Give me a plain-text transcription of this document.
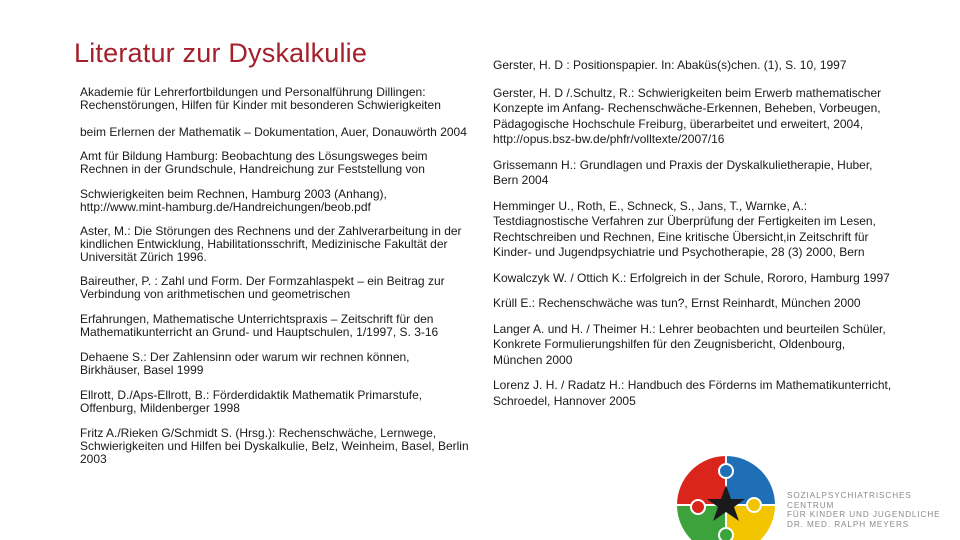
Literatur zur Dyskalkulie

Akademie für Lehrerfortbildungen und Personalführung Dillingen: Rechenstörungen, Hilfen für Kinder mit besonderen Schwierigkeiten

beim Erlernen der Mathematik – Dokumentation, Auer, Donauwörth 2004

Amt für Bildung Hamburg: Beobachtung des Lösungsweges beim Rechnen in der Grundschule, Handreichung zur Feststellung von

Schwierigkeiten beim Rechnen, Hamburg 2003 (Anhang), http://www.mint-hamburg.de/Handreichungen/beob.pdf

Aster, M.: Die Störungen des Rechnens und der Zahlverarbeitung in der kindlichen Entwicklung, Habilitationsschrift, Medizinische Fakultät der Universität Zürich 1996.

Baireuther, P. : Zahl und Form. Der Formzahlaspekt – ein Beitrag zur Verbindung von arithmetischen und geometrischen

Erfahrungen, Mathematische Unterrichtspraxis – Zeitschrift für den Mathematikunterricht an Grund- und Hauptschulen, 1/1997, S. 3-16

Dehaene S.: Der Zahlensinn oder warum wir rechnen können, Birkhäuser, Basel 1999

Ellrott, D./Aps-Ellrott, B.: Förderdidaktik Mathematik Primarstufe, Offenburg, Mildenberger 1998

Fritz A./Rieken G/Schmidt S. (Hrsg.): Rechenschwäche, Lernwege, Schwierigkeiten und Hilfen bei Dyskalkulie, Belz, Weinheim, Basel, Berlin 2003

Gerster, H. D : Positionspapier. In: Abaküs(s)chen. (1), S. 10, 1997

Gerster, H. D /.Schultz, R.: Schwierigkeiten beim Erwerb mathematischer Konzepte im Anfang- Rechenschwäche-Erkennen, Beheben, Vorbeugen, Pädagogische Hochschule Freiburg, überarbeitet und erweitert, 2004, http://opus.bsz-bw.de/phfr/volltexte/2007/16

Grissemann H.: Grundlagen und Praxis der Dyskalkulietherapie, Huber, Bern 2004

Hemminger U., Roth, E., Schneck, S., Jans, T., Warnke, A.: Testdiagnostische Verfahren zur Überprüfung der Fertigkeiten im Lesen, Rechtschreiben und Rechnen, Eine kritische Übersicht,in Zeitschrift für Kinder- und Jugendpsychiatrie und Psychotherapie, 28 (3) 2000, Bern

Kowalczyk W. / Ottich K.: Erfolgreich in der Schule, Rororo, Hamburg 1997

Krüll E.: Rechenschwäche was tun?, Ernst Reinhardt, München 2000

Langer A. und H. / Theimer H.: Lehrer beobachten und beurteilen Schüler, Konkrete Formulierungshilfen für den Zeugnisbericht, Oldenbourg, München 2000

Lorenz J. H. / Radatz H.: Handbuch des Förderns im Mathematikunterricht, Schroedel, Hannover 2005

SOZIALPSYCHIATRISCHES CENTRUM
FÜR KINDER UND JUGENDLICHE
DR. MED. RALPH MEYERS
